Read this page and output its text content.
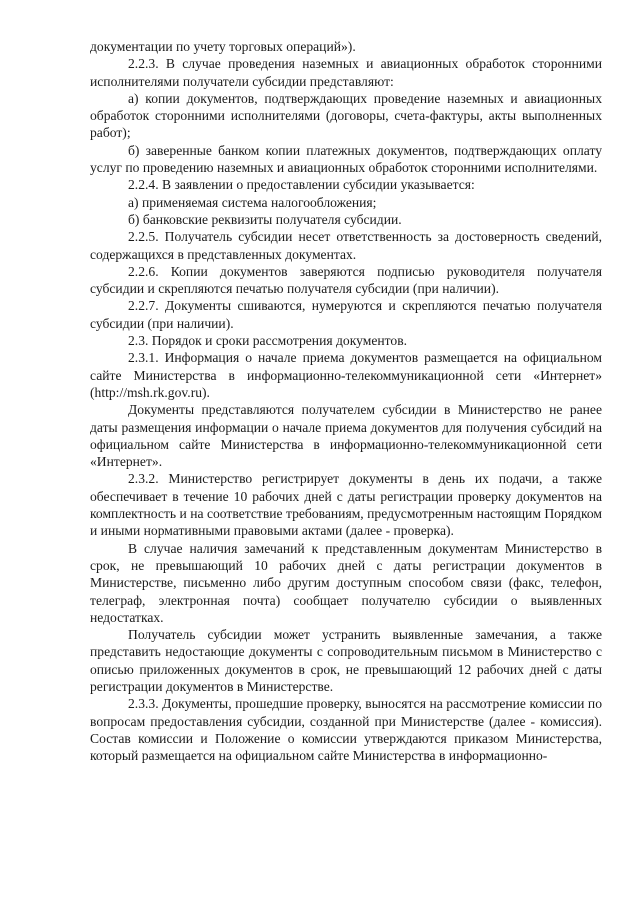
документации по учету торговых операций»).

2.2.3. В случае проведения наземных и авиационных обработок сторонними исполнителями получатели субсидии представляют:

а) копии документов, подтверждающих проведение наземных и авиационных обработок сторонними исполнителями (договоры, счета-фактуры, акты выполненных работ);

б) заверенные банком копии платежных документов, подтверждающих оплату услуг по проведению наземных и авиационных обработок сторонними исполнителями.

2.2.4. В заявлении о предоставлении субсидии указывается:

а) применяемая система налогообложения;

б) банковские реквизиты получателя субсидии.

2.2.5. Получатель субсидии несет ответственность за достоверность сведений, содержащихся в представленных документах.

2.2.6. Копии документов заверяются подписью руководителя получателя субсидии и скрепляются печатью получателя субсидии (при наличии).

2.2.7. Документы сшиваются, нумеруются и скрепляются печатью получателя субсидии (при наличии).

2.3. Порядок и сроки рассмотрения документов.

2.3.1. Информация о начале приема документов размещается на официальном сайте Министерства в информационно-телекоммуникационной сети «Интернет» (http://msh.rk.gov.ru).

Документы представляются получателем субсидии в Министерство не ранее даты размещения информации о начале приема документов для получения субсидий на официальном сайте Министерства в информационно-телекоммуникационной сети «Интернет».

2.3.2. Министерство регистрирует документы в день их подачи, а также обеспечивает в течение 10 рабочих дней с даты регистрации проверку документов на комплектность и на соответствие требованиям, предусмотренным настоящим Порядком и иными нормативными правовыми актами (далее - проверка).

В случае наличия замечаний к представленным документам Министерство в срок, не превышающий 10 рабочих дней с даты регистрации документов в Министерстве, письменно либо другим доступным способом связи (факс, телефон, телеграф, электронная почта) сообщает получателю субсидии о выявленных недостатках.

Получатель субсидии может устранить выявленные замечания, а также представить недостающие документы с сопроводительным письмом в Министерство с описью приложенных документов в срок, не превышающий 12 рабочих дней с даты регистрации документов в Министерстве.

2.3.3. Документы, прошедшие проверку, выносятся на рассмотрение комиссии по вопросам предоставления субсидии, созданной при Министерстве (далее - комиссия). Состав комиссии и Положение о комиссии утверждаются приказом Министерства, который размещается на официальном сайте Министерства в информационно-
